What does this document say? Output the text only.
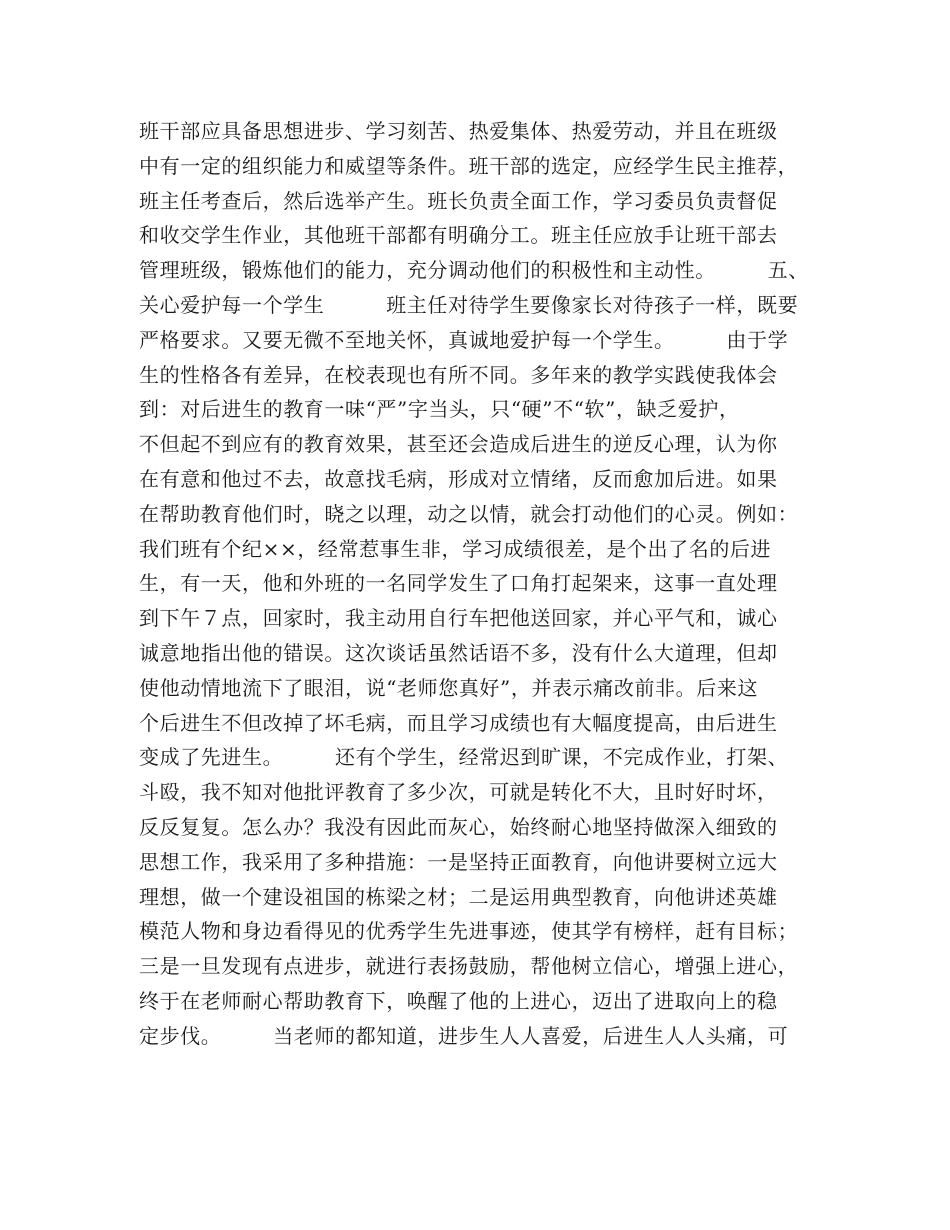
班干部应具备思想进步、学习刻苦、热爱集体、热爱劳动，并且在班级
中有一定的组织能力和威望等条件。班干部的选定，应经学生民主推荐，
班主任考查后，然后选举产生。班长负责全面工作，学习委员负责督促
和收交学生作业，其他班干部都有明确分工。班主任应放手让班干部去
管理班级，锻炼他们的能力，充分调动他们的积极性和主动性。　　　五、
关心爱护每一个学生　　　班主任对待学生要像家长对待孩子一样，既要
严格要求。又要无微不至地关怀，真诚地爱护每一个学生。　　　由于学
生的性格各有差异，在校表现也有所不同。多年来的教学实践使我体会
到：对后进生的教育一味“严”字当头，只“硬”不“软”，缺乏爱护，
不但起不到应有的教育效果，甚至还会造成后进生的逆反心理，认为你
在有意和他过不去，故意找毛病，形成对立情绪，反而愈加后进。如果
在帮助教育他们时，晓之以理，动之以情，就会打动他们的心灵。例如：
我们班有个纪××，经常惹事生非，学习成绩很差，是个出了名的后进
生，有一天，他和外班的一名同学发生了口角打起架来，这事一直处理
到下午７点，回家时，我主动用自行车把他送回家，并心平气和，诚心
诚意地指出他的错误。这次谈话虽然话语不多，没有什么大道理，但却
使他动情地流下了眼泪，说“老师您真好”，并表示痛改前非。后来这
个后进生不但改掉了坏毛病，而且学习成绩也有大幅度提高，由后进生
变成了先进生。　　　还有个学生，经常迟到旷课，不完成作业，打架、
斗殴，我不知对他批评教育了多少次，可就是转化不大，且时好时坏，
反反复复。怎么办？我没有因此而灰心，始终耐心地坚持做深入细致的
思想工作，我采用了多种措施：一是坚持正面教育，向他讲要树立远大
理想，做一个建设祖国的栋梁之材；二是运用典型教育，向他讲述英雄
模范人物和身边看得见的优秀学生先进事迹，使其学有榜样，赶有目标；
三是一旦发现有点进步，就进行表扬鼓励，帮他树立信心，增强上进心，
终于在老师耐心帮助教育下，唤醒了他的上进心，迈出了进取向上的稳
定步伐。　　　当老师的都知道，进步生人人喜爱，后进生人人头痛，可
